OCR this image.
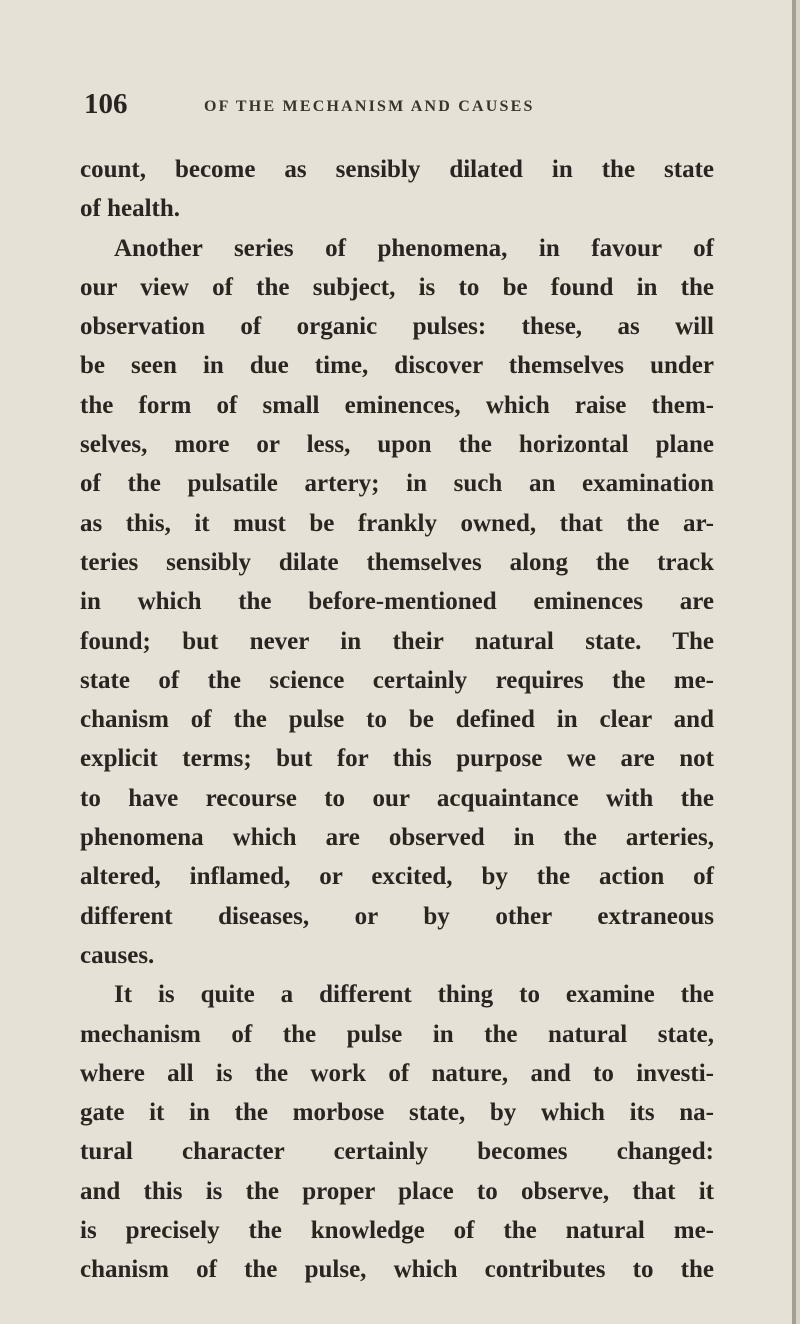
106	OF THE MECHANISM AND CAUSES
count, become as sensibly dilated in the state
of health.
Another series of phenomena, in favour of
our view of the subject, is to be found in the
observation of organic pulses: these, as will
be seen in due time, discover themselves under
the form of small eminences, which raise them-
selves, more or less, upon the horizontal plane
of the pulsatile artery; in such an examination
as this, it must be frankly owned, that the ar-
teries sensibly dilate themselves along the track
in which the before-mentioned eminences are
found; but never in their natural state. The
state of the science certainly requires the me-
chanism of the pulse to be defined in clear and
explicit terms; but for this purpose we are not
to have recourse to our acquaintance with the
phenomena which are observed in the arteries,
altered, inflamed, or excited, by the action of
different diseases, or by other extraneous
causes.
It is quite a different thing to examine the
mechanism of the pulse in the natural state,
where all is the work of nature, and to investi-
gate it in the morbose state, by which its na-
tural character certainly becomes changed:
and this is the proper place to observe, that it
is precisely the knowledge of the natural me-
chanism of the pulse, which contributes to the
